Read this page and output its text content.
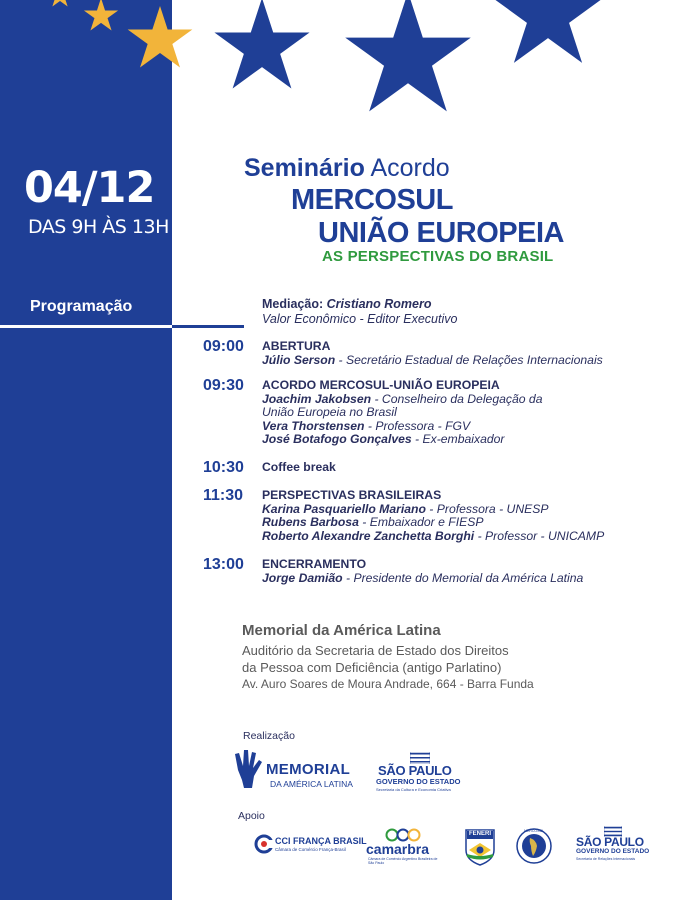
04/12
DAS 9H ÀS 13H
Programação
Seminário Acordo
MERCOSUL
UNIÃO EUROPEIA
AS PERSPECTIVAS DO BRASIL
Mediação: Cristiano Romero
Valor Econômico - Editor Executivo
09:00 ABERTURA
Júlio Serson - Secretário Estadual de Relações Internacionais
09:30 ACORDO MERCOSUL-UNIÃO EUROPEIA
Joachim Jakobsen - Conselheiro da Delegação da
União Europeia no Brasil
Vera Thorstensen - Professora - FGV
José Botafogo Gonçalves - Ex-embaixador
10:30 Coffee break
11:30 PERSPECTIVAS BRASILEIRAS
Karina Pasquariello Mariano - Professora - UNESP
Rubens Barbosa - Embaixador e FIESP
Roberto Alexandre Zanchetta Borghi - Professor - UNICAMP
13:00 ENCERRAMENTO
Jorge Damião - Presidente do Memorial da América Latina
Memorial da América Latina
Auditório da Secretaria de Estado dos Direitos
da Pessoa com Deficiência (antigo Parlatino)
Av. Auro Soares de Moura Andrade, 664 - Barra Funda
Realização
MEMORIAL
DA AMÉRICA LATINA
SÃO PAULO
GOVERNO DO ESTADO
Secretaria da Cultura e Economia Criativa
Apoio
CCI FRANÇA BRASIL
Câmara de Comércio França-Brasil camarbra
Câmara de Comércio Argentino Brasileira de São Paulo
FENERI	MERCOSUL
SÃO PAULO
GOVERNO DO ESTADO
Secretaria de Relações Internacionais
